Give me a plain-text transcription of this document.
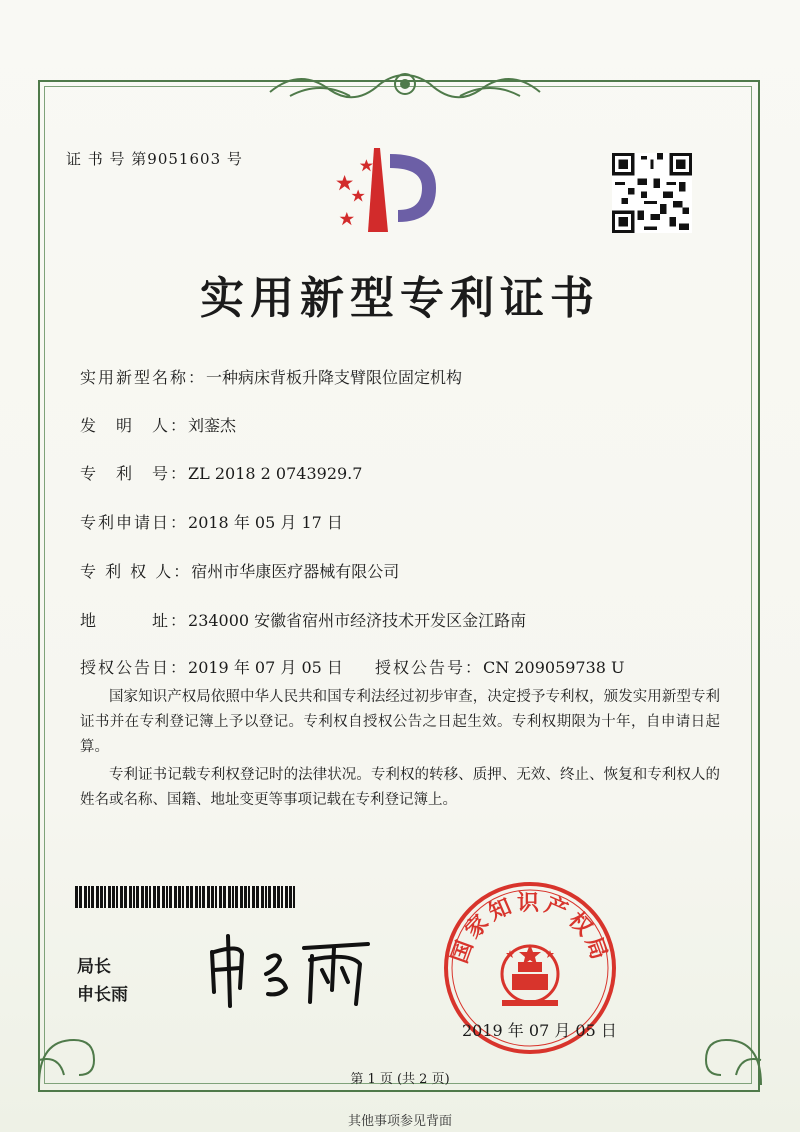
证 书 号 第9051603 号
实用新型专利证书
实用新型名称：一种病床背板升降支臂限位固定机构
发　明　人：刘銮杰
专　利　号：ZL 2018 2 0743929.7
专利申请日：2018 年 05 月 17 日
专 利 权 人：宿州市华康医疗器械有限公司
地　　　址：234000 安徽省宿州市经济技术开发区金江路南
授权公告日：2019 年 07 月 05 日 授权公告号：CN 209059738 U
国家知识产权局依照中华人民共和国专利法经过初步审查，决定授予专利权，颁发实用新型专利证书并在专利登记簿上予以登记。专利权自授权公告之日起生效。专利权期限为十年，自申请日起算。
专利证书记载专利权登记时的法律状况。专利权的转移、质押、无效、终止、恢复和专利权人的姓名或名称、国籍、地址变更等事项记载在专利登记簿上。
局长
申长雨
国家知识产权局
2019 年 07 月 05 日
第 1 页 (共 2 页)
其他事项参见背面
